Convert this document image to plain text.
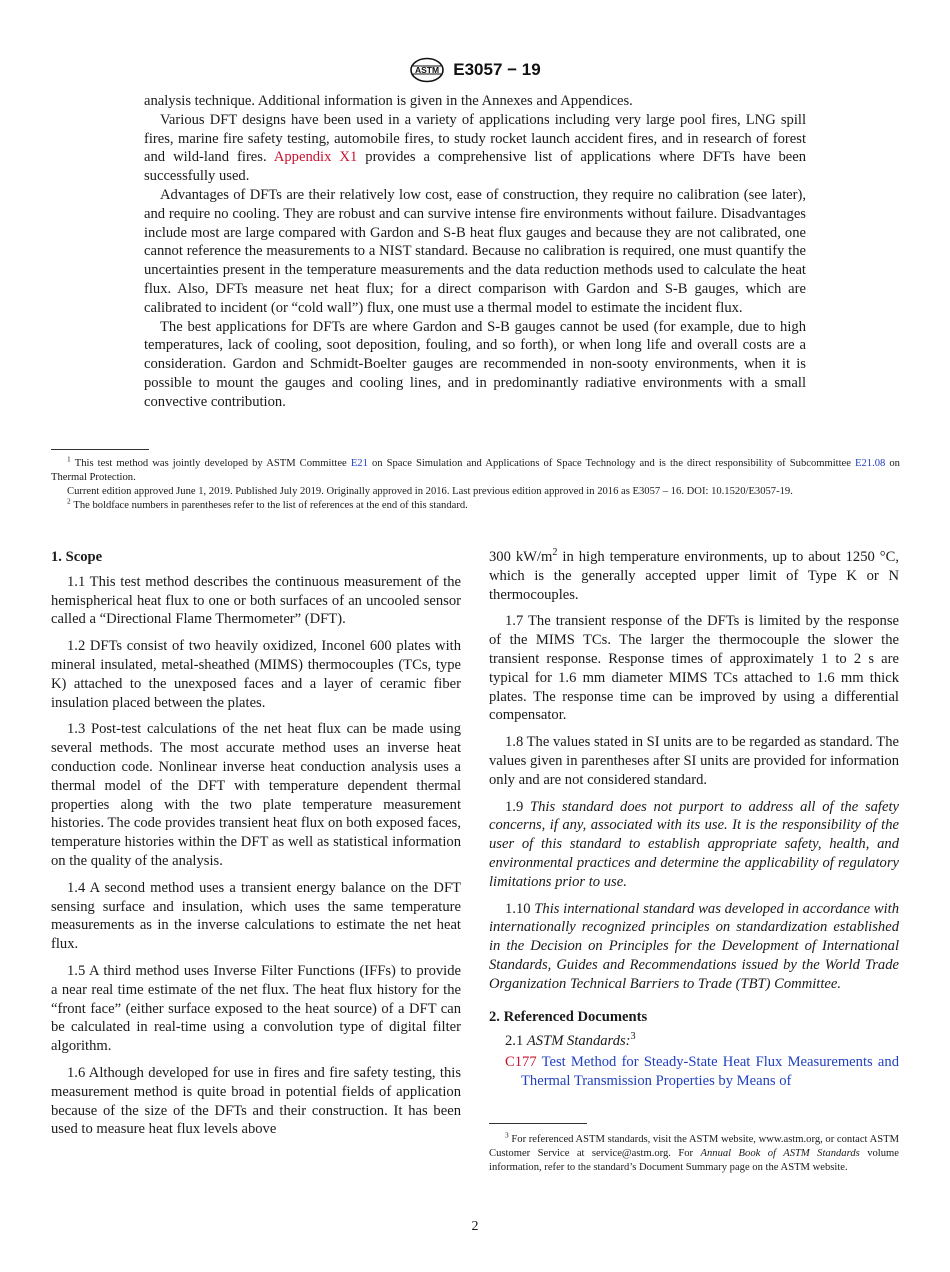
ASTM E3057 − 19

analysis technique. Additional information is given in the Annexes and Appendices.

Various DFT designs have been used in a variety of applications including very large pool fires, LNG spill fires, marine fire safety testing, automobile fires, to study rocket launch accident fires, and in research of forest and wild-land fires. Appendix X1 provides a comprehensive list of applications where DFTs have been successfully used.

Advantages of DFTs are their relatively low cost, ease of construction, they require no calibration (see later), and require no cooling. They are robust and can survive intense fire environments without failure. Disadvantages include most are large compared with Gardon and S-B heat flux gauges and because they are not calibrated, one cannot reference the measurements to a NIST standard. Because no calibration is required, one must quantify the uncertainties present in the temperature measurements and the data reduction methods used to calculate the heat flux. Also, DFTs measure net heat flux; for a direct comparison with Gardon and S-B gauges, which are calibrated to incident (or “cold wall”) flux, one must use a thermal model to estimate the incident flux.

The best applications for DFTs are where Gardon and S-B gauges cannot be used (for example, due to high temperatures, lack of cooling, soot deposition, fouling, and so forth), or when long life and overall costs are a consideration. Gardon and Schmidt-Boelter gauges are recommended in non-sooty environments, when it is possible to mount the gauges and cooling lines, and in predominantly radiative environments with a small convective contribution.

$^1$ This test method was jointly developed by ASTM Committee E21 on Space Simulation and Applications of Space Technology and is the direct responsibility of Subcommittee E21.08 on Thermal Protection.

Current edition approved June 1, 2019. Published July 2019. Originally approved in 2016. Last previous edition approved in 2016 as E3057 – 16. DOI: 10.1520/E3057-19.

$^2$ The boldface numbers in parentheses refer to the list of references at the end of this standard.

1. Scope

1.1 This test method describes the continuous measurement of the hemispherical heat flux to one or both surfaces of an uncooled sensor called a “Directional Flame Thermometer” (DFT).

1.2 DFTs consist of two heavily oxidized, Inconel 600 plates with mineral insulated, metal-sheathed (MIMS) thermocouples (TCs, type K) attached to the unexposed faces and a layer of ceramic fiber insulation placed between the plates.

1.3 Post-test calculations of the net heat flux can be made using several methods. The most accurate method uses an inverse heat conduction code. Nonlinear inverse heat conduction analysis uses a thermal model of the DFT with temperature dependent thermal properties along with the two plate temperature measurement histories. The code provides transient heat flux on both exposed faces, temperature histories within the DFT as well as statistical information on the quality of the analysis.

1.4 A second method uses a transient energy balance on the DFT sensing surface and insulation, which uses the same temperature measurements as in the inverse calculations to estimate the net heat flux.

1.5 A third method uses Inverse Filter Functions (IFFs) to provide a near real time estimate of the net flux. The heat flux history for the “front face” (either surface exposed to the heat source) of a DFT can be calculated in real-time using a convolution type of digital filter algorithm.

1.6 Although developed for use in fires and fire safety testing, this measurement method is quite broad in potential fields of application because of the size of the DFTs and their construction. It has been used to measure heat flux levels above

300 $kW/m^2$ in high temperature environments, up to about 1250 °C, which is the generally accepted upper limit of Type K or N thermocouples.

1.7 The transient response of the DFTs is limited by the response of the MIMS TCs. The larger the thermocouple the slower the transient response. Response times of approximately 1 to 2 s are typical for 1.6 mm diameter MIMS TCs attached to 1.6 mm thick plates. The response time can be improved by using a differential compensator.

1.8 The values stated in SI units are to be regarded as standard. The values given in parentheses after SI units are provided for information only and are not considered standard.

1.9 This standard does not purport to address all of the safety concerns, if any, associated with its use. It is the responsibility of the user of this standard to establish appropriate safety, health, and environmental practices and determine the applicability of regulatory limitations prior to use.

1.10 This international standard was developed in accordance with internationally recognized principles on standardization established in the Decision on Principles for the Development of International Standards, Guides and Recommendations issued by the World Trade Organization Technical Barriers to Trade (TBT) Committee.

2. Referenced Documents

2.1 ASTM Standards:$^3$

C177 Test Method for Steady-State Heat Flux Measurements and Thermal Transmission Properties by Means of

$^3$ For referenced ASTM standards, visit the ASTM website, www.astm.org, or contact ASTM Customer Service at service@astm.org. For Annual Book of ASTM Standards volume information, refer to the standard’s Document Summary page on the ASTM website.

2
